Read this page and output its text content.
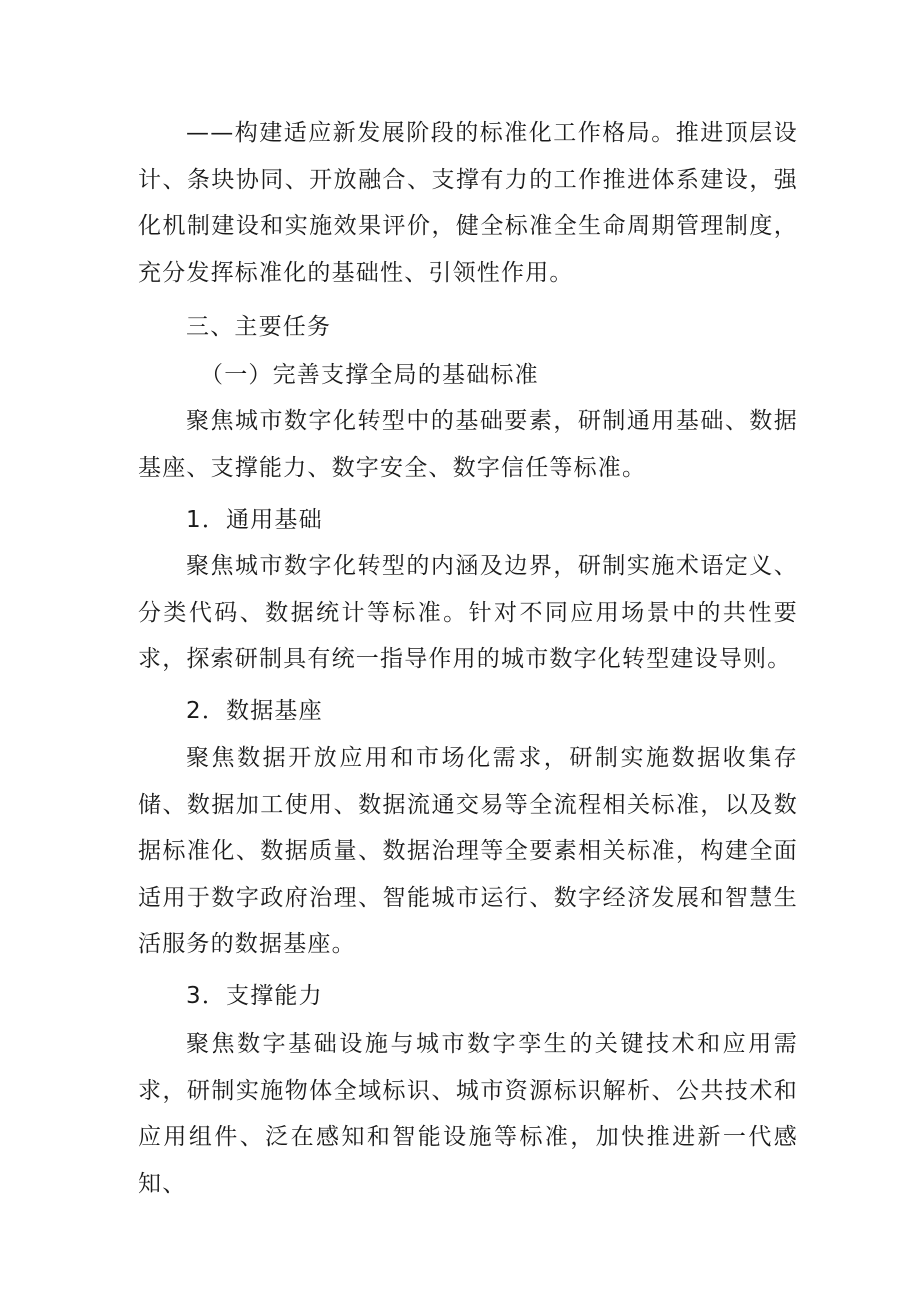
——构建适应新发展阶段的标准化工作格局。推进顶层设计、条块协同、开放融合、支撑有力的工作推进体系建设，强化机制建设和实施效果评价，健全标准全生命周期管理制度，充分发挥标准化的基础性、引领性作用。

三、主要任务
（一）完善支撑全局的基础标准

聚焦城市数字化转型中的基础要素，研制通用基础、数据基座、支撑能力、数字安全、数字信任等标准。

1．通用基础

聚焦城市数字化转型的内涵及边界，研制实施术语定义、分类代码、数据统计等标准。针对不同应用场景中的共性要求，探索研制具有统一指导作用的城市数字化转型建设导则。

2．数据基座

聚焦数据开放应用和市场化需求，研制实施数据收集存储、数据加工使用、数据流通交易等全流程相关标准，以及数据标准化、数据质量、数据治理等全要素相关标准，构建全面适用于数字政府治理、智能城市运行、数字经济发展和智慧生活服务的数据基座。

3．支撑能力

聚焦数字基础设施与城市数字孪生的关键技术和应用需求，研制实施物体全域标识、城市资源标识解析、公共技术和应用组件、泛在感知和智能设施等标准，加快推进新一代感知、
